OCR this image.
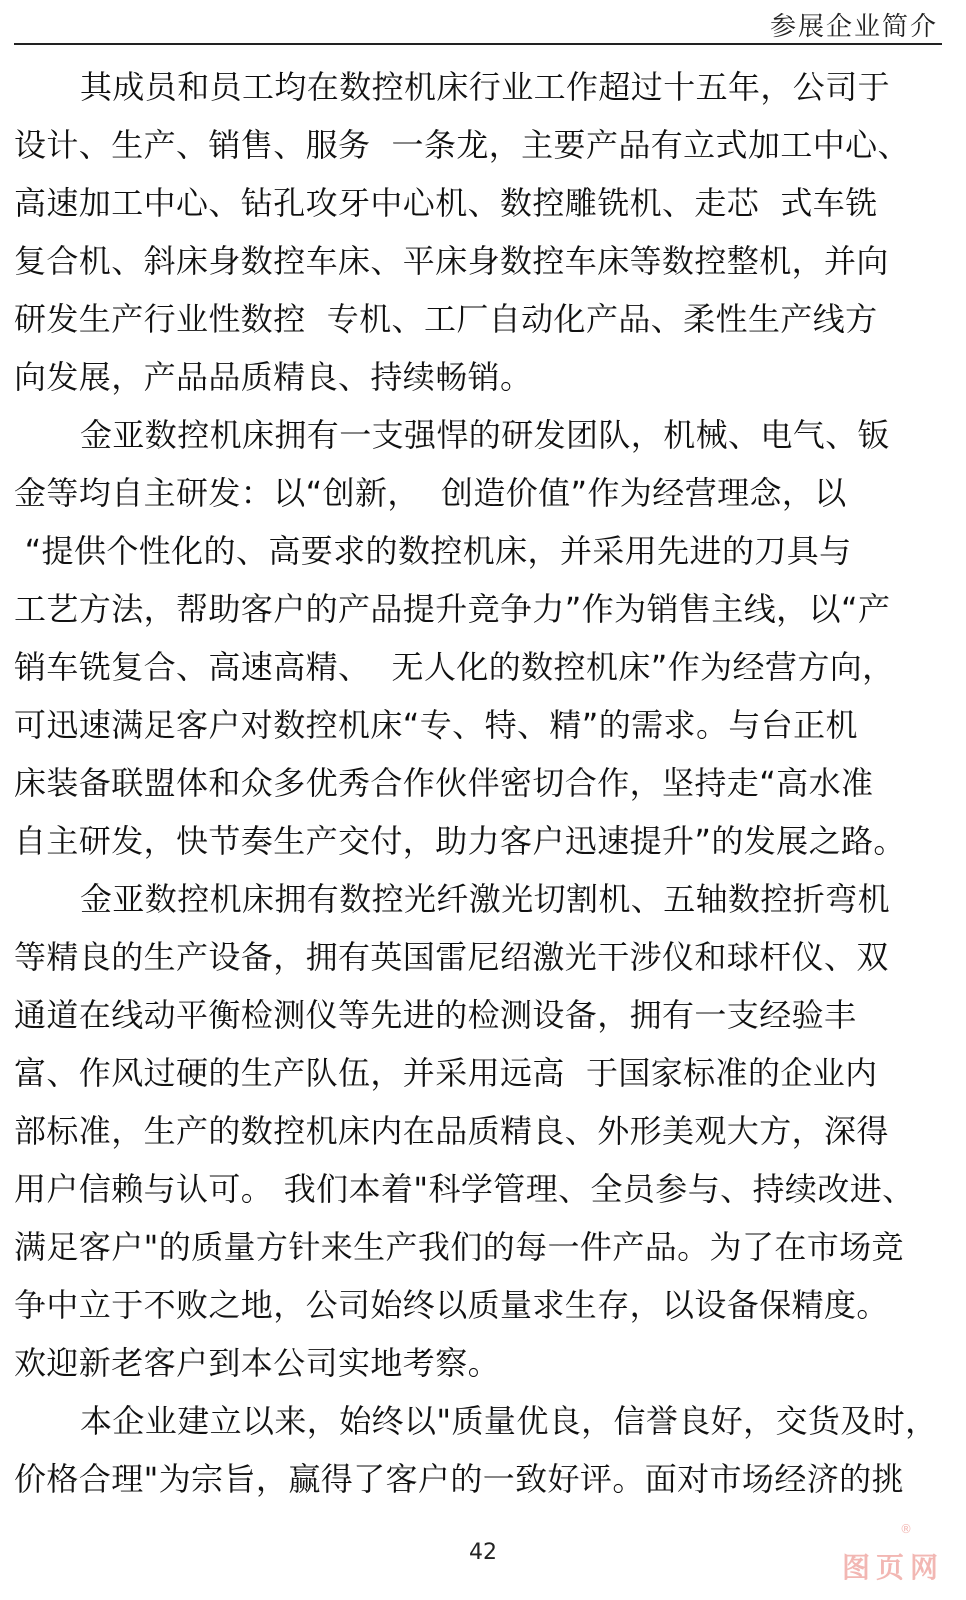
参展企业简介
其成员和员工均在数控机床行业工作超过十五年，公司于
设计、生产、销售、服务  一条龙，主要产品有立式加工中心、
高速加工中心、钻孔攻牙中心机、数控雕铣机、走芯  式车铣
复合机、斜床身数控车床、平床身数控车床等数控整机，并向
研发生产行业性数控  专机、工厂自动化产品、柔性生产线方
向发展，产品品质精良、持续畅销。
金亚数控机床拥有一支强悍的研发团队，机械、电气、钣
金等均自主研发：以“创新，  创造价值”作为经营理念，以
“提供个性化的、高要求的数控机床，并采用先进的刀具与
工艺方法，帮助客户的产品提升竞争力”作为销售主线，以“产
销车铣复合、高速高精、  无人化的数控机床”作为经营方向，
可迅速满足客户对数控机床“专、特、精”的需求。与台正机
床装备联盟体和众多优秀合作伙伴密切合作，坚持走“高水准
自主研发，快节奏生产交付，助力客户迅速提升”的发展之路。
金亚数控机床拥有数控光纤激光切割机、五轴数控折弯机
等精良的生产设备，拥有英国雷尼绍激光干涉仪和球杆仪、双
通道在线动平衡检测仪等先进的检测设备，拥有一支经验丰
富、作风过硬的生产队伍，并采用远高  于国家标准的企业内
部标准，生产的数控机床内在品质精良、外形美观大方，深得
用户信赖与认可。 我们本着"科学管理、全员参与、持续改进、
满足客户"的质量方针来生产我们的每一件产品。为了在市场竞
争中立于不败之地，公司始终以质量求生存，以设备保精度。
欢迎新老客户到本公司实地考察。
本企业建立以来，始终以"质量优良，信誉良好，交货及时，
价格合理"为宗旨，赢得了客户的一致好评。面对市场经济的挑
42
®
图页网
